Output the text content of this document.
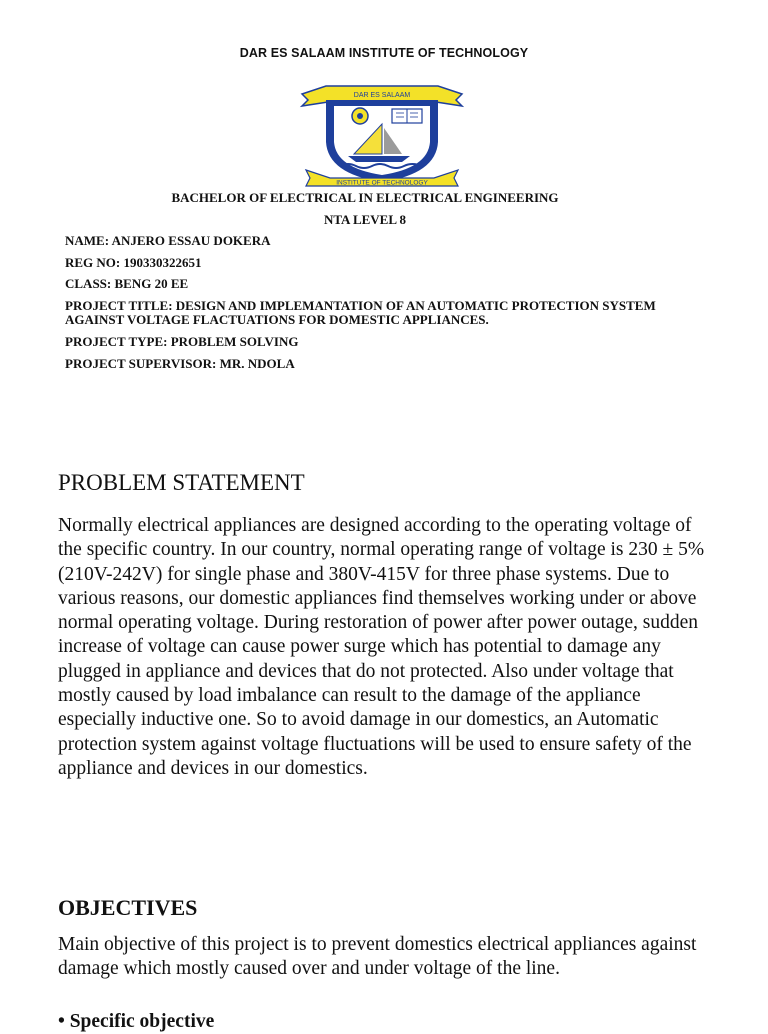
DAR ES SALAAM INSTITUTE OF TECHNOLOGY
DAR ES SALAAM
INSTITUTE OF TECHNOLOGY
BACHELOR OF ELECTRICAL IN ELECTRICAL ENGINEERING
NTA LEVEL 8
NAME: ANJERO ESSAU DOKERA
REG NO: 190330322651
CLASS: BENG 20 EE
PROJECT TITLE: DESIGN AND IMPLEMANTATION OF AN AUTOMATIC PROTECTION SYSTEM AGAINST VOLTAGE FLACTUATIONS FOR DOMESTIC APPLIANCES.
PROJECT TYPE: PROBLEM SOLVING
PROJECT SUPERVISOR: MR. NDOLA
PROBLEM STATEMENT
Normally electrical appliances are designed according to the operating voltage of the specific country. In our country, normal operating range of voltage is 230 ± 5% (210V-242V) for single phase and 380V-415V for three phase systems. Due to various reasons, our domestic appliances find themselves working under or above normal operating voltage. During restoration of power after power outage, sudden increase of voltage can cause power surge which has potential to damage any plugged in appliance and devices that do not protected. Also under voltage that mostly caused by load imbalance can result to the damage of the appliance especially inductive one. So to avoid damage in our domestics, an Automatic protection system against voltage fluctuations will be used to ensure safety of the appliance and devices in our domestics.
OBJECTIVES
Main objective of this project is to prevent domestics electrical appliances against damage which mostly caused over and under voltage of the line.
• Specific objective
